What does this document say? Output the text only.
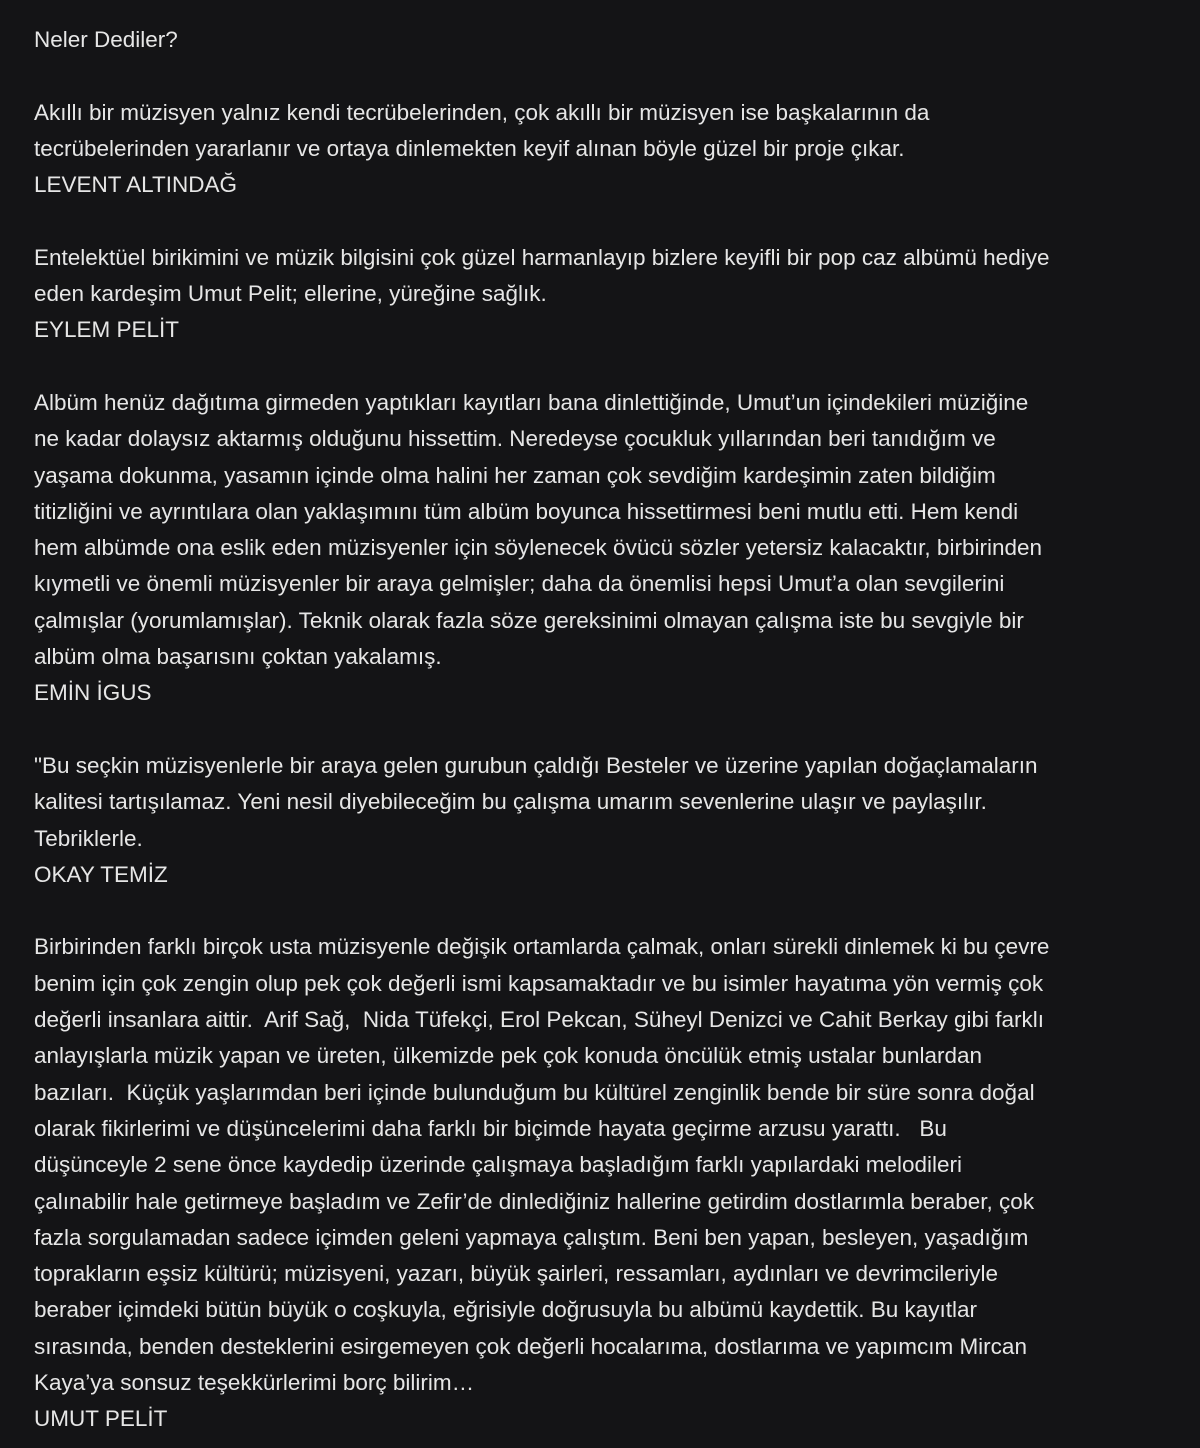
Neler Dediler?
Akıllı bir müzisyen yalnız kendi tecrübelerinden, çok akıllı bir müzisyen ise başkalarının da
tecrübelerinden yararlanır ve ortaya dinlemekten keyif alınan böyle güzel bir proje çıkar.
LEVENT ALTINDAĞ
Entelektüel birikimini ve müzik bilgisini çok güzel harmanlayıp bizlere keyifli bir pop caz albümü hediye
eden kardeşim Umut Pelit; ellerine, yüreğine sağlık.
EYLEM PELİT
Albüm henüz dağıtıma girmeden yaptıkları kayıtları bana dinlettiğinde, Umut’un içindekileri müziğine
ne kadar dolaysız aktarmış olduğunu hissettim. Neredeyse çocukluk yıllarından beri tanıdığım ve
yaşama dokunma, yasamın içinde olma halini her zaman çok sevdiğim kardeşimin zaten bildiğim
titizliğini ve ayrıntılara olan yaklaşımını tüm albüm boyunca hissettirmesi beni mutlu etti. Hem kendi
hem albümde ona eslik eden müzisyenler için söylenecek övücü sözler yetersiz kalacaktır, birbirinden
kıymetli ve önemli müzisyenler bir araya gelmişler; daha da önemlisi hepsi Umut’a olan sevgilerini
çalmışlar (yorumlamışlar). Teknik olarak fazla söze gereksinimi olmayan çalışma iste bu sevgiyle bir
albüm olma başarısını çoktan yakalamış.
EMİN İGUS
"Bu seçkin müzisyenlerle bir araya gelen gurubun çaldığı Besteler ve üzerine yapılan doğaçlamaların
kalitesi tartışılamaz. Yeni nesil diyebileceğim bu çalışma umarım sevenlerine ulaşır ve paylaşılır.
Tebriklerle.
OKAY TEMİZ
Birbirinden farklı birçok usta müzisyenle değişik ortamlarda çalmak, onları sürekli dinlemek ki bu çevre
benim için çok zengin olup pek çok değerli ismi kapsamaktadır ve bu isimler hayatıma yön vermiş çok
değerli insanlara aittir.  Arif Sağ,  Nida Tüfekçi, Erol Pekcan, Süheyl Denizci ve Cahit Berkay gibi farklı
anlayışlarla müzik yapan ve üreten, ülkemizde pek çok konuda öncülük etmiş ustalar bunlardan
bazıları.  Küçük yaşlarımdan beri içinde bulunduğum bu kültürel zenginlik bende bir süre sonra doğal
olarak fikirlerimi ve düşüncelerimi daha farklı bir biçimde hayata geçirme arzusu yarattı.   Bu
düşünceyle 2 sene önce kaydedip üzerinde çalışmaya başladığım farklı yapılardaki melodileri
çalınabilir hale getirmeye başladım ve Zefir’de dinlediğiniz hallerine getirdim dostlarımla beraber, çok
fazla sorgulamadan sadece içimden geleni yapmaya çalıştım. Beni ben yapan, besleyen, yaşadığım
toprakların eşsiz kültürü; müzisyeni, yazarı, büyük şairleri, ressamları, aydınları ve devrimcileriyle
beraber içimdeki bütün büyük o coşkuyla, eğrisiyle doğrusuyla bu albümü kaydettik. Bu kayıtlar
sırasında, benden desteklerini esirgemeyen çok değerli hocalarıma, dostlarıma ve yapımcım Mircan
Kaya’ya sonsuz teşekkürlerimi borç bilirim…
UMUT PELİT
